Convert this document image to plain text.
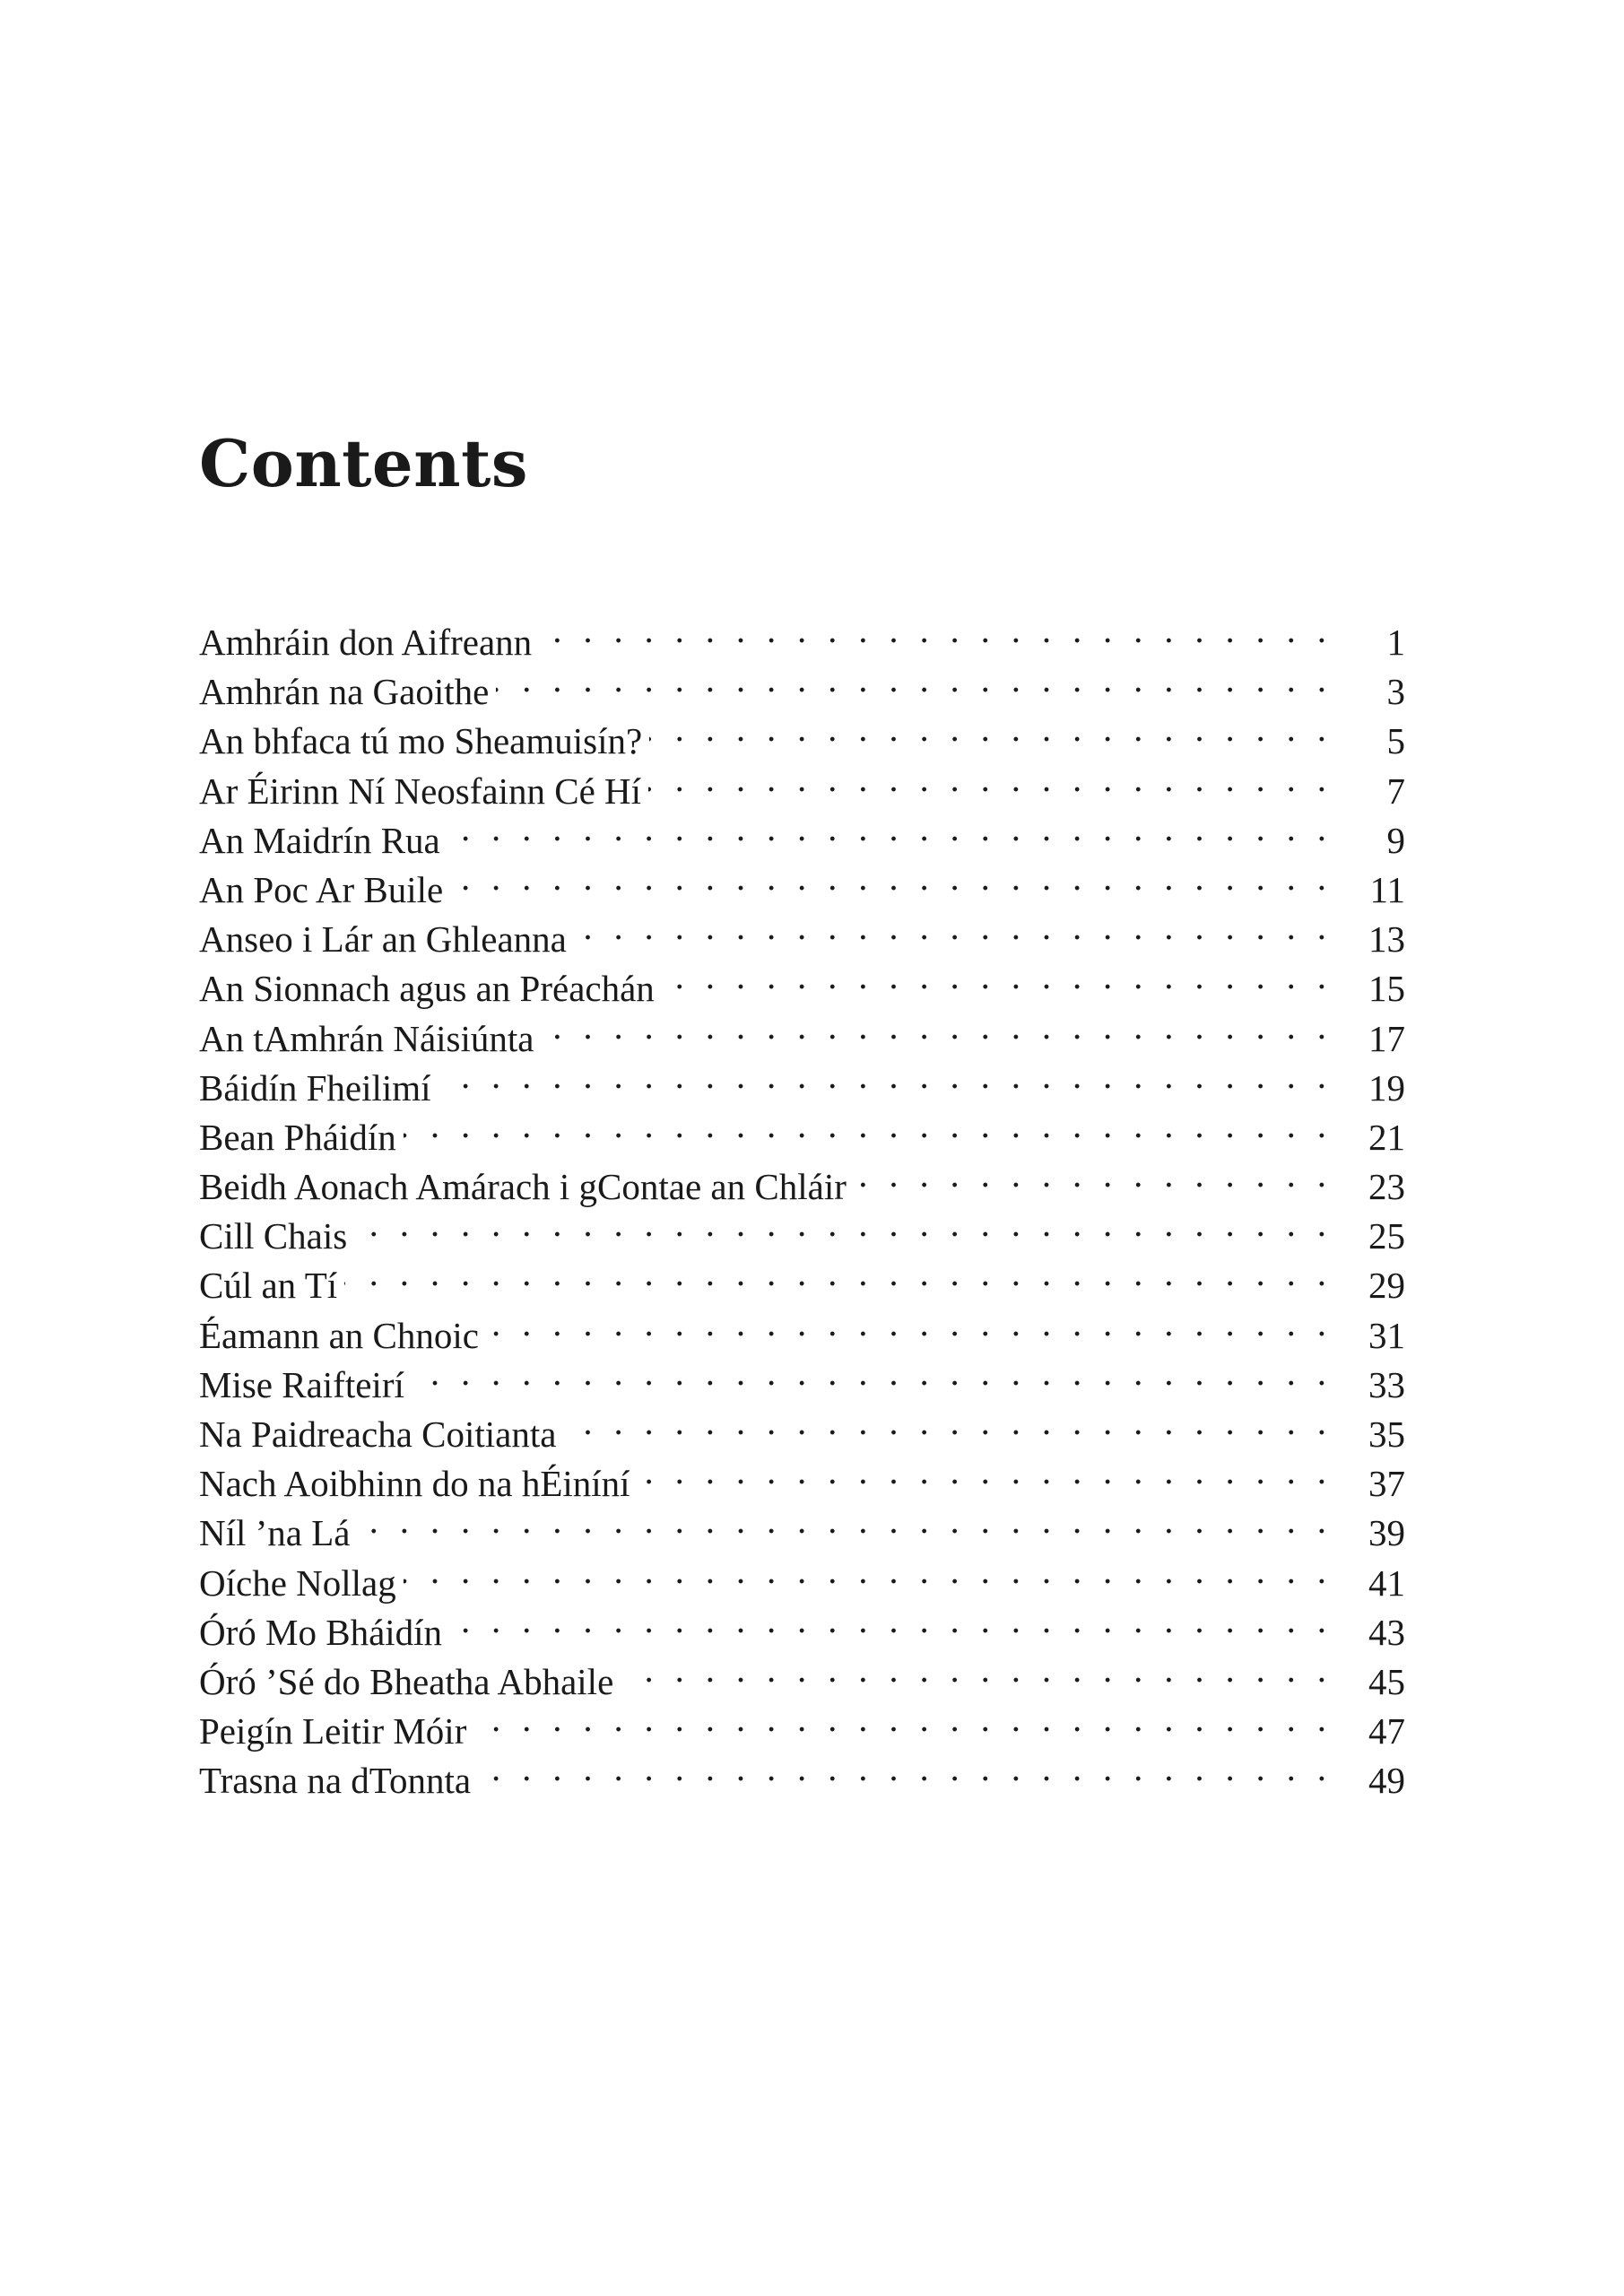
Contents
Amhráin don Aifreann . . .	1
Amhrán na Gaoithe . . .	3
An bhfaca tú mo Sheamuisín? . . .	5
Ar Éirinn Ní Neosfainn Cé Hí . . .	7
An Maidrín Rua . . .	9
An Poc Ar Buile . . .	11
Anseo i Lár an Ghleanna . . .	13
An Sionnach agus an Préachán . . .	15
An tAmhrán Náisiúnta . . .	17
Báidín Fheilimí . . .	19
Bean Pháidín . . .	21
Beidh Aonach Amárach i gContae an Chláir . . .	23
Cill Chais . . .	25
Cúl an Tí . . .	29
Éamann an Chnoic . . .	31
Mise Raifteirí . . .	33
Na Paidreacha Coitianta . . .	35
Nach Aoibhinn do na hÉiníní . . .	37
Níl ’na Lá . . .	39
Oíche Nollag . . .	41
Óró Mo Bháidín . . .	43
Óró ’Sé do Bheatha Abhaile . . .	45
Peigín Leitir Móir . . .	47
Trasna na dTonnta . . .	49
